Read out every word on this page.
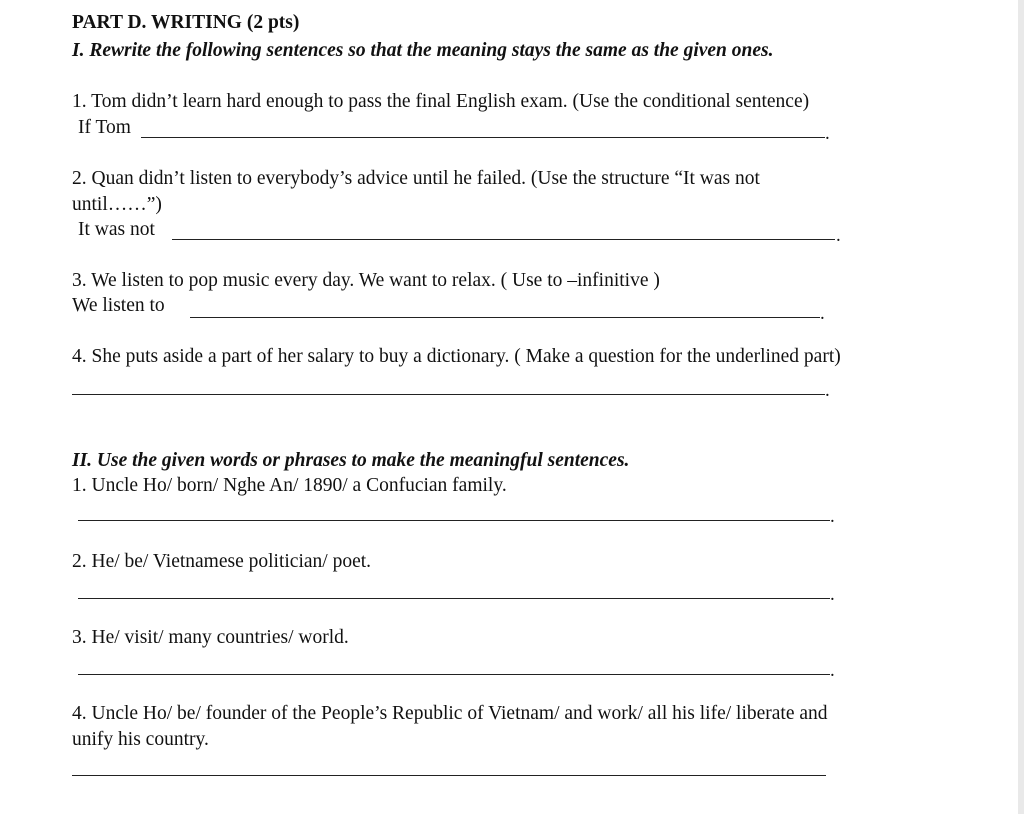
PART D. WRITING (2 pts)
I. Rewrite the following sentences so that the meaning stays the same as the given ones.
1. Tom didn’t learn hard enough to pass the final English exam. (Use the conditional sentence)
If Tom	.
2. Quan didn’t listen to everybody’s advice until he failed. (Use the structure “It was not
until……”)
It was not	.
3. We listen to pop music every day. We want to relax. ( Use to –infinitive )
We listen to	.
4. She puts aside a part of her salary to buy a dictionary. ( Make a question for the underlined part)
.
II. Use the given words or phrases to make the meaningful sentences.
1. Uncle Ho/ born/ Nghe An/ 1890/ a Confucian family.
.
2. He/ be/ Vietnamese politician/ poet.
.
3. He/ visit/ many countries/ world.
.
4. Uncle Ho/ be/ founder of the People’s Republic of Vietnam/ and work/ all his life/ liberate and
unify his country.
